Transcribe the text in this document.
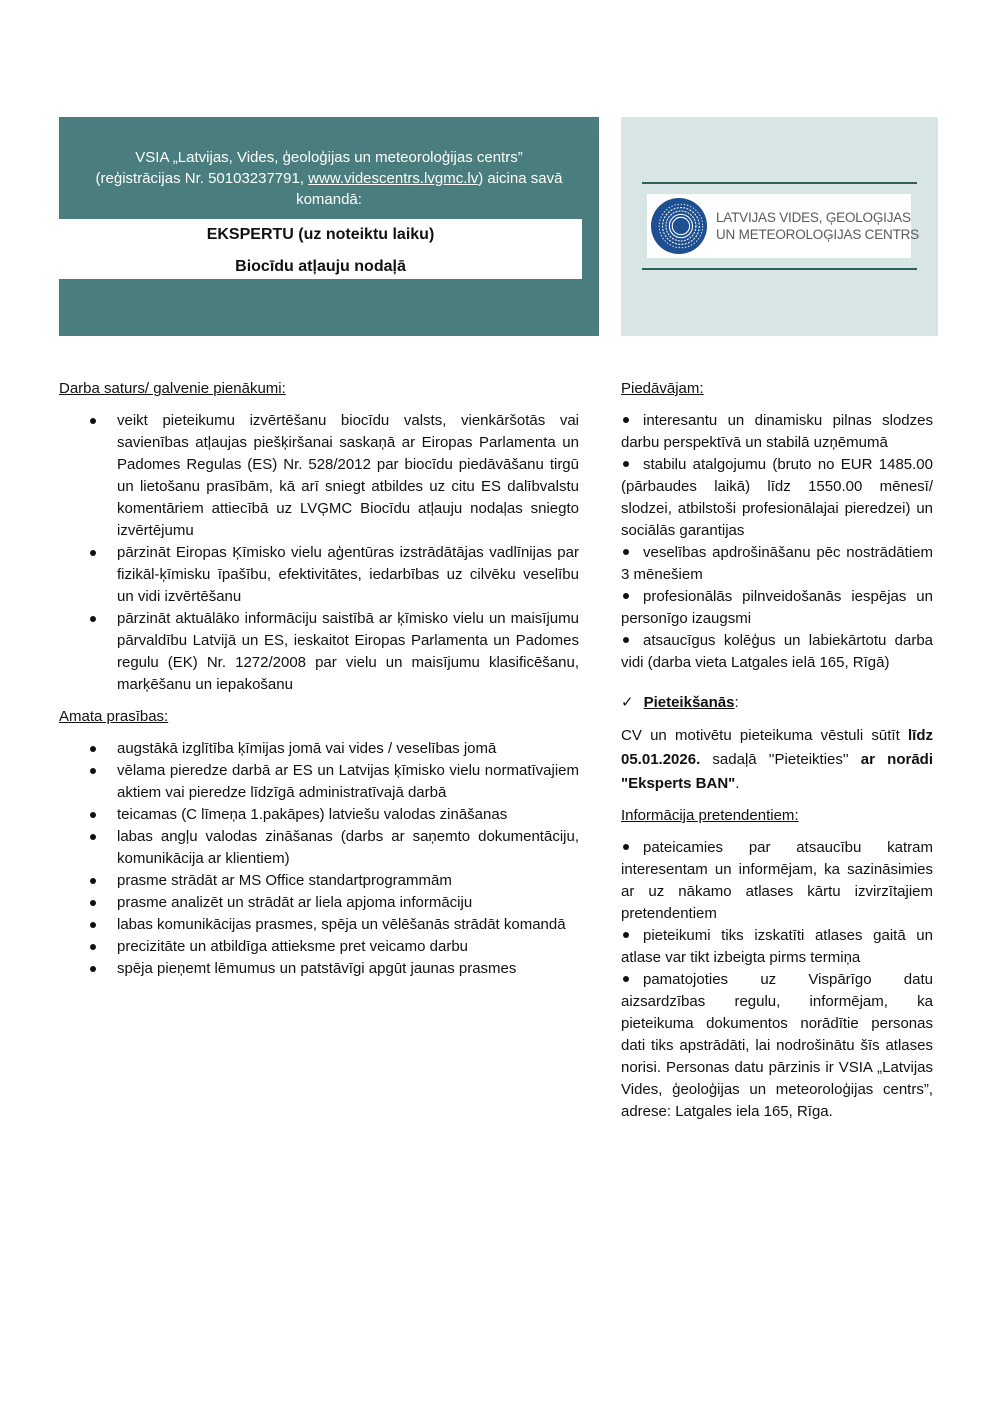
VSIA „Latvijas, Vides, ģeoloģijas un meteoroloģijas centrs”
(reģistrācijas Nr. 50103237791, www.videscentrs.lvgmc.lv) aicina savā
komandā:
EKSPERTU (uz noteiktu laiku)
Biocīdu atļauju nodaļā
LATVIJAS VIDES, ĢEOLOĢIJAS
UN METEOROLOĢIJAS CENTRS

Darba saturs/ galvenie pienākumi:

veikt pieteikumu izvērtēšanu biocīdu valsts, vienkāršotās vai savienības atļaujas piešķiršanai saskaņā ar Eiropas Parlamenta un Padomes Regulas (ES) Nr. 528/2012 par biocīdu piedāvāšanu tirgū un lietošanu prasībām, kā arī sniegt atbildes uz citu ES dalībvalstu komentāriem attiecībā uz LVĢMC Biocīdu atļauju nodaļas sniegto izvērtējumu
pārzināt Eiropas Ķīmisko vielu aģentūras izstrādātājas vadlīnijas par fizikāl-ķīmisku īpašību, efektivitātes, iedarbības uz cilvēku veselību un vidi izvērtēšanu
pārzināt aktuālāko informāciju saistībā ar ķīmisko vielu un maisījumu pārvaldību Latvijā un ES, ieskaitot Eiropas Parlamenta un Padomes regulu (EK) Nr. 1272/2008 par vielu un maisījumu klasificēšanu, marķēšanu un iepakošanu

Amata prasības:

augstākā izglītība ķīmijas jomā vai vides / veselības jomā
vēlama pieredze darbā ar ES un Latvijas ķīmisko vielu normatīvajiem aktiem vai pieredze līdzīgā administratīvajā darbā
teicamas (C līmeņa 1.pakāpes) latviešu valodas zināšanas
labas angļu valodas zināšanas (darbs ar saņemto dokumentāciju, komunikācija ar klientiem)
prasme strādāt ar MS Office standartprogrammām
prasme analizēt un strādāt ar liela apjoma informāciju
labas komunikācijas prasmes, spēja un vēlēšanās strādāt komandā
precizitāte un atbildīga attieksme pret veicamo darbu
spēja pieņemt lēmumus un patstāvīgi apgūt jaunas prasmes

Piedāvājam:

interesantu un dinamisku pilnas slodzes darbu perspektīvā un stabilā uzņēmumā
stabilu atalgojumu (bruto no EUR 1485.00 (pārbaudes laikā) līdz 1550.00 mēnesī/ slodzei, atbilstoši profesionālajai pieredzei) un sociālās garantijas
veselības apdrošināšanu pēc nostrādātiem 3 mēnešiem
profesionālās pilnveidošanās iespējas un personīgo izaugsmi
atsaucīgus kolēģus un labiekārtotu darba vidi (darba vieta Latgales ielā 165, Rīgā)
✓ Pieteikšanās :
CV un motivētu pieteikuma vēstuli sūtīt līdz 05.01.2026. sadaļā ''Pieteikties'' ar norādi "Eksperts BAN".
Informācija pretendentiem:
pateicamies par atsaucību katram interesentam un informējam, ka sazināsimies ar uz nākamo atlases kārtu izvirzītajiem pretendentiem
pieteikumi tiks izskatīti atlases gaitā un atlase var tikt izbeigta pirms termiņa
pamatojoties uz Vispārīgo datu aizsardzības regulu, informējam, ka pieteikuma dokumentos norādītie personas dati tiks apstrādāti, lai nodrošinātu šīs atlases norisi. Personas datu pārzinis ir VSIA „Latvijas Vides, ģeoloģijas un meteoroloģijas centrs”, adrese: Latgales iela 165, Rīga.
